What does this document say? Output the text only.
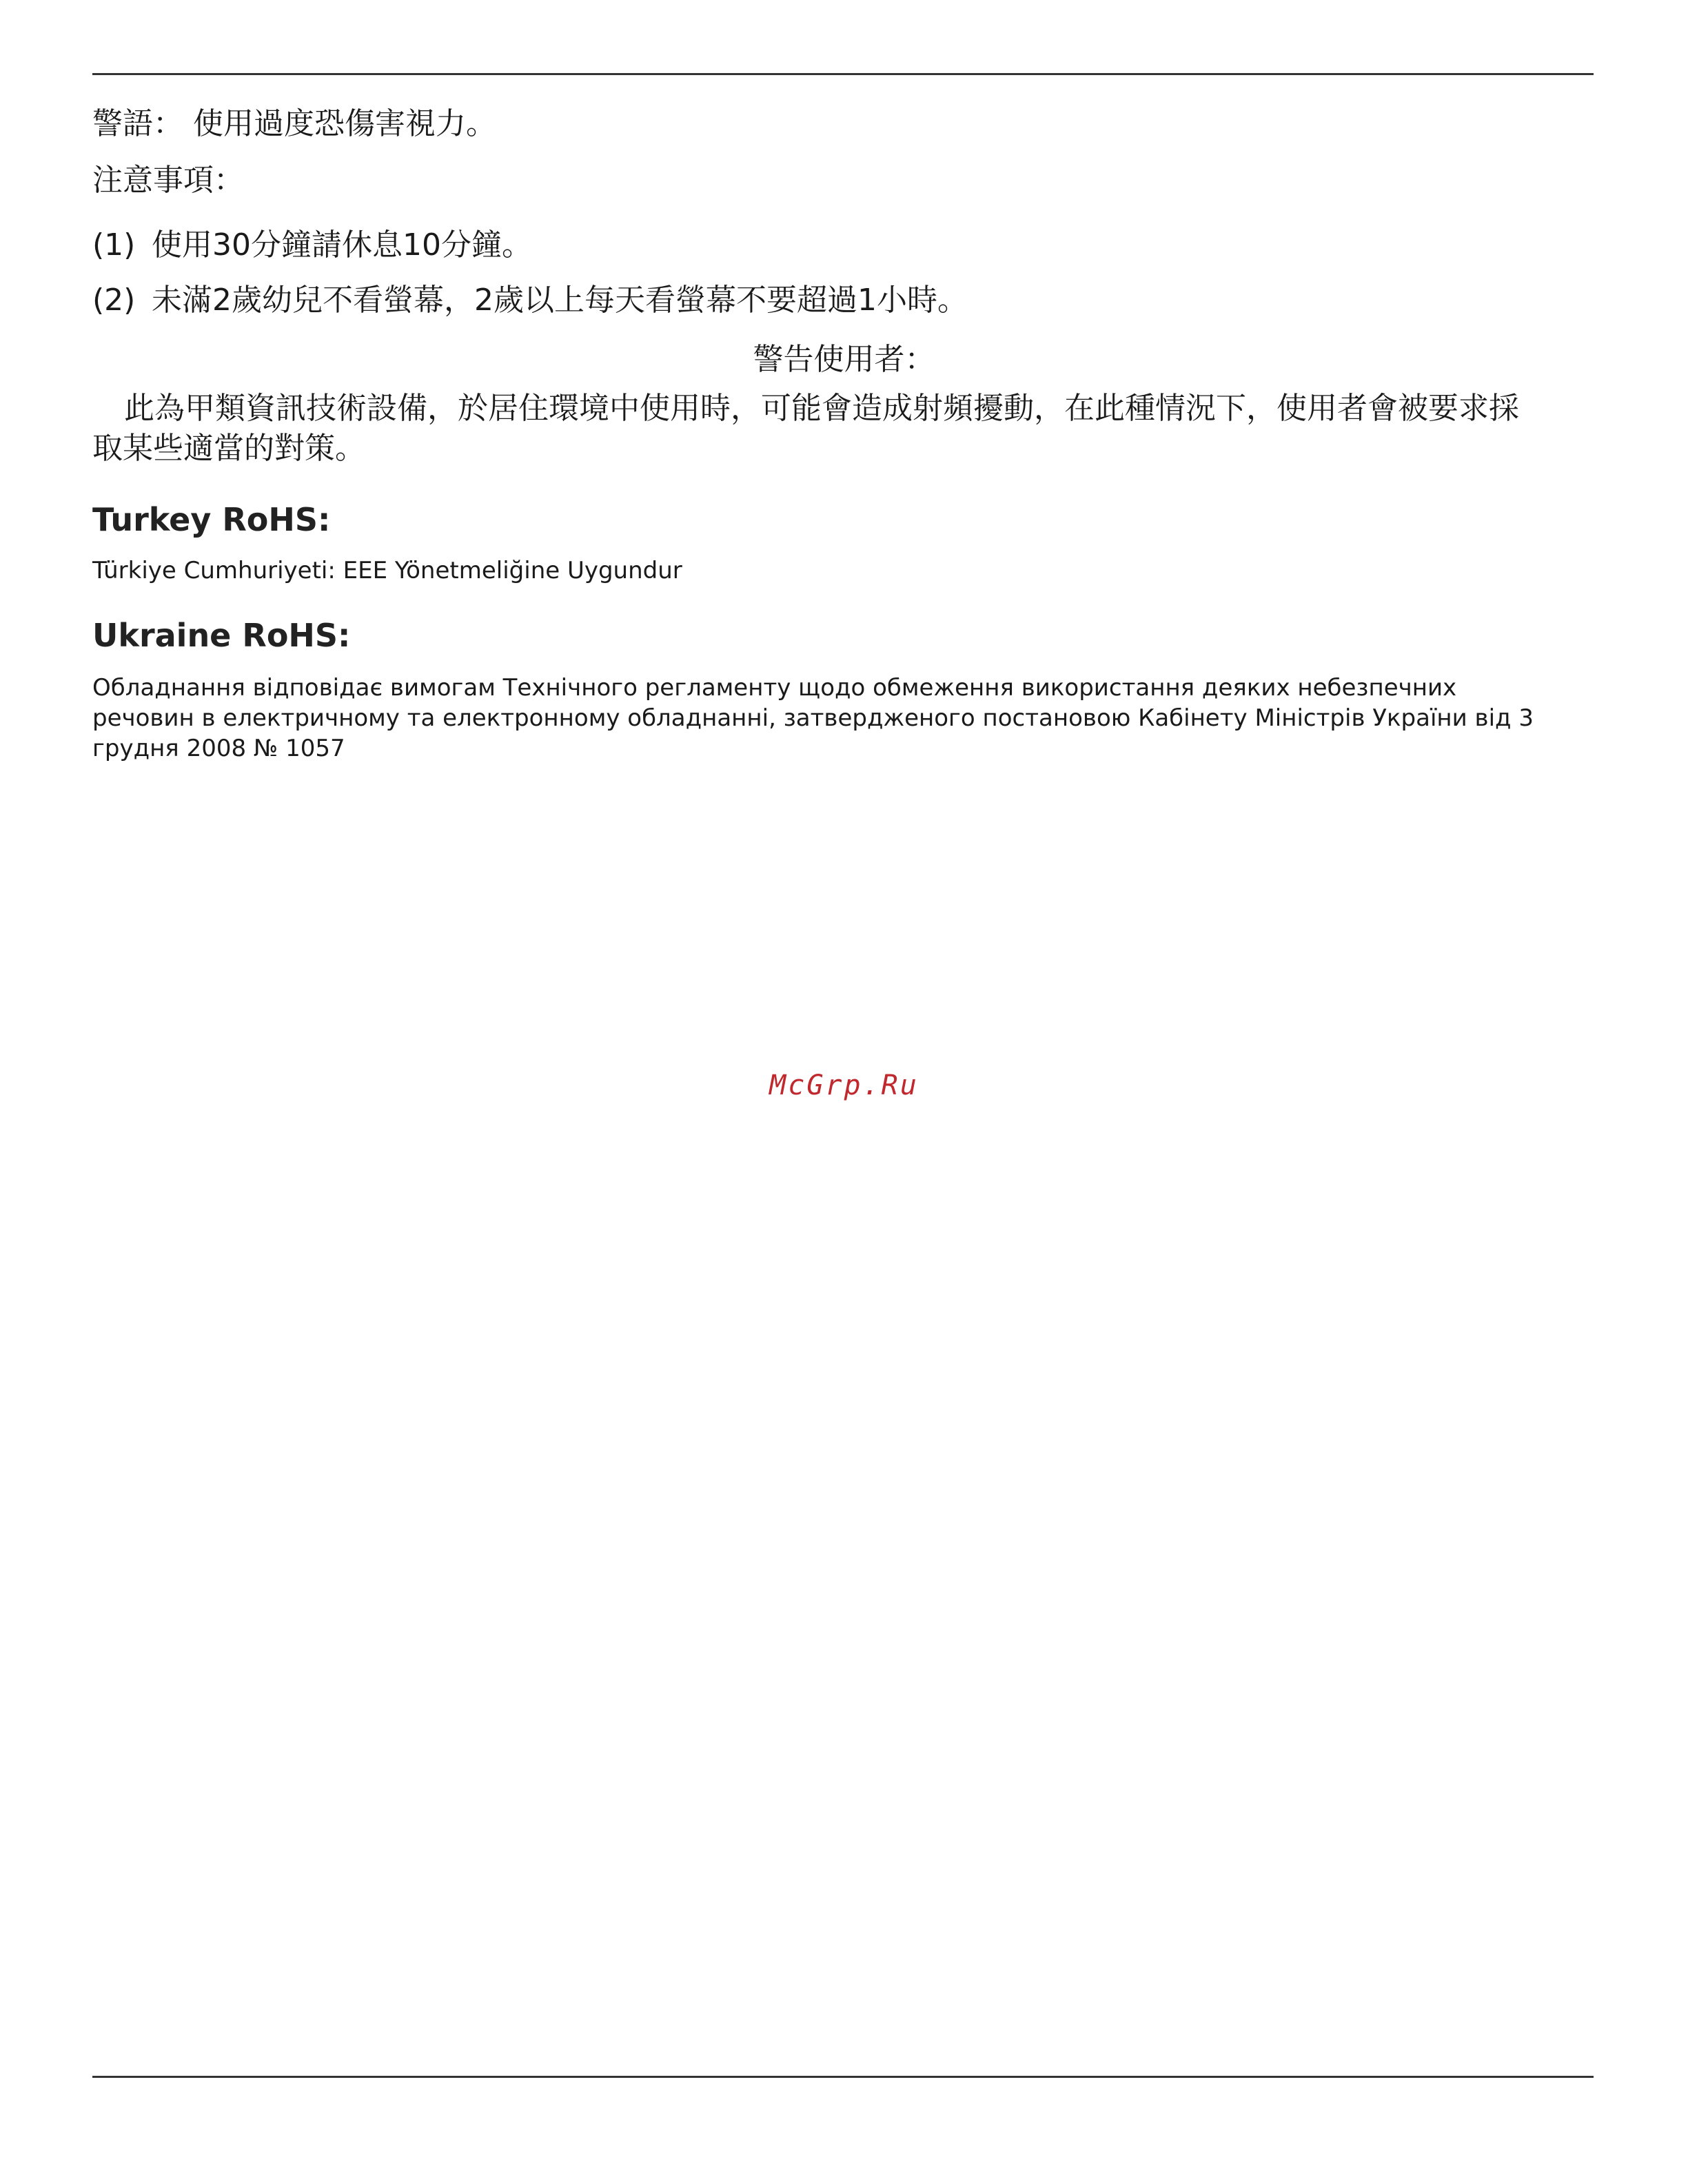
警語： 使用過度恐傷害視力。
注意事項：
(1) 使用30分鐘請休息10分鐘。
(2) 未滿2歲幼兒不看螢幕，2歲以上每天看螢幕不要超過1小時。
警告使用者：
此為甲類資訊技術設備，於居住環境中使用時，可能會造成射頻擾動，在此種情況下，使用者會被要求採取某些適當的對策。
Turkey RoHS:
Türkiye Cumhuriyeti: EEE Yönetmeliğine Uygundur
Ukraine RoHS:
Обладнання відповідає вимогам Технічного регламенту щодо обмеження використання деяких небезпечних речовин в електричному та електронному обладнанні, затвердженого постановою Кабінету Міністрів України від 3 грудня 2008 № 1057
McGrp.Ru
